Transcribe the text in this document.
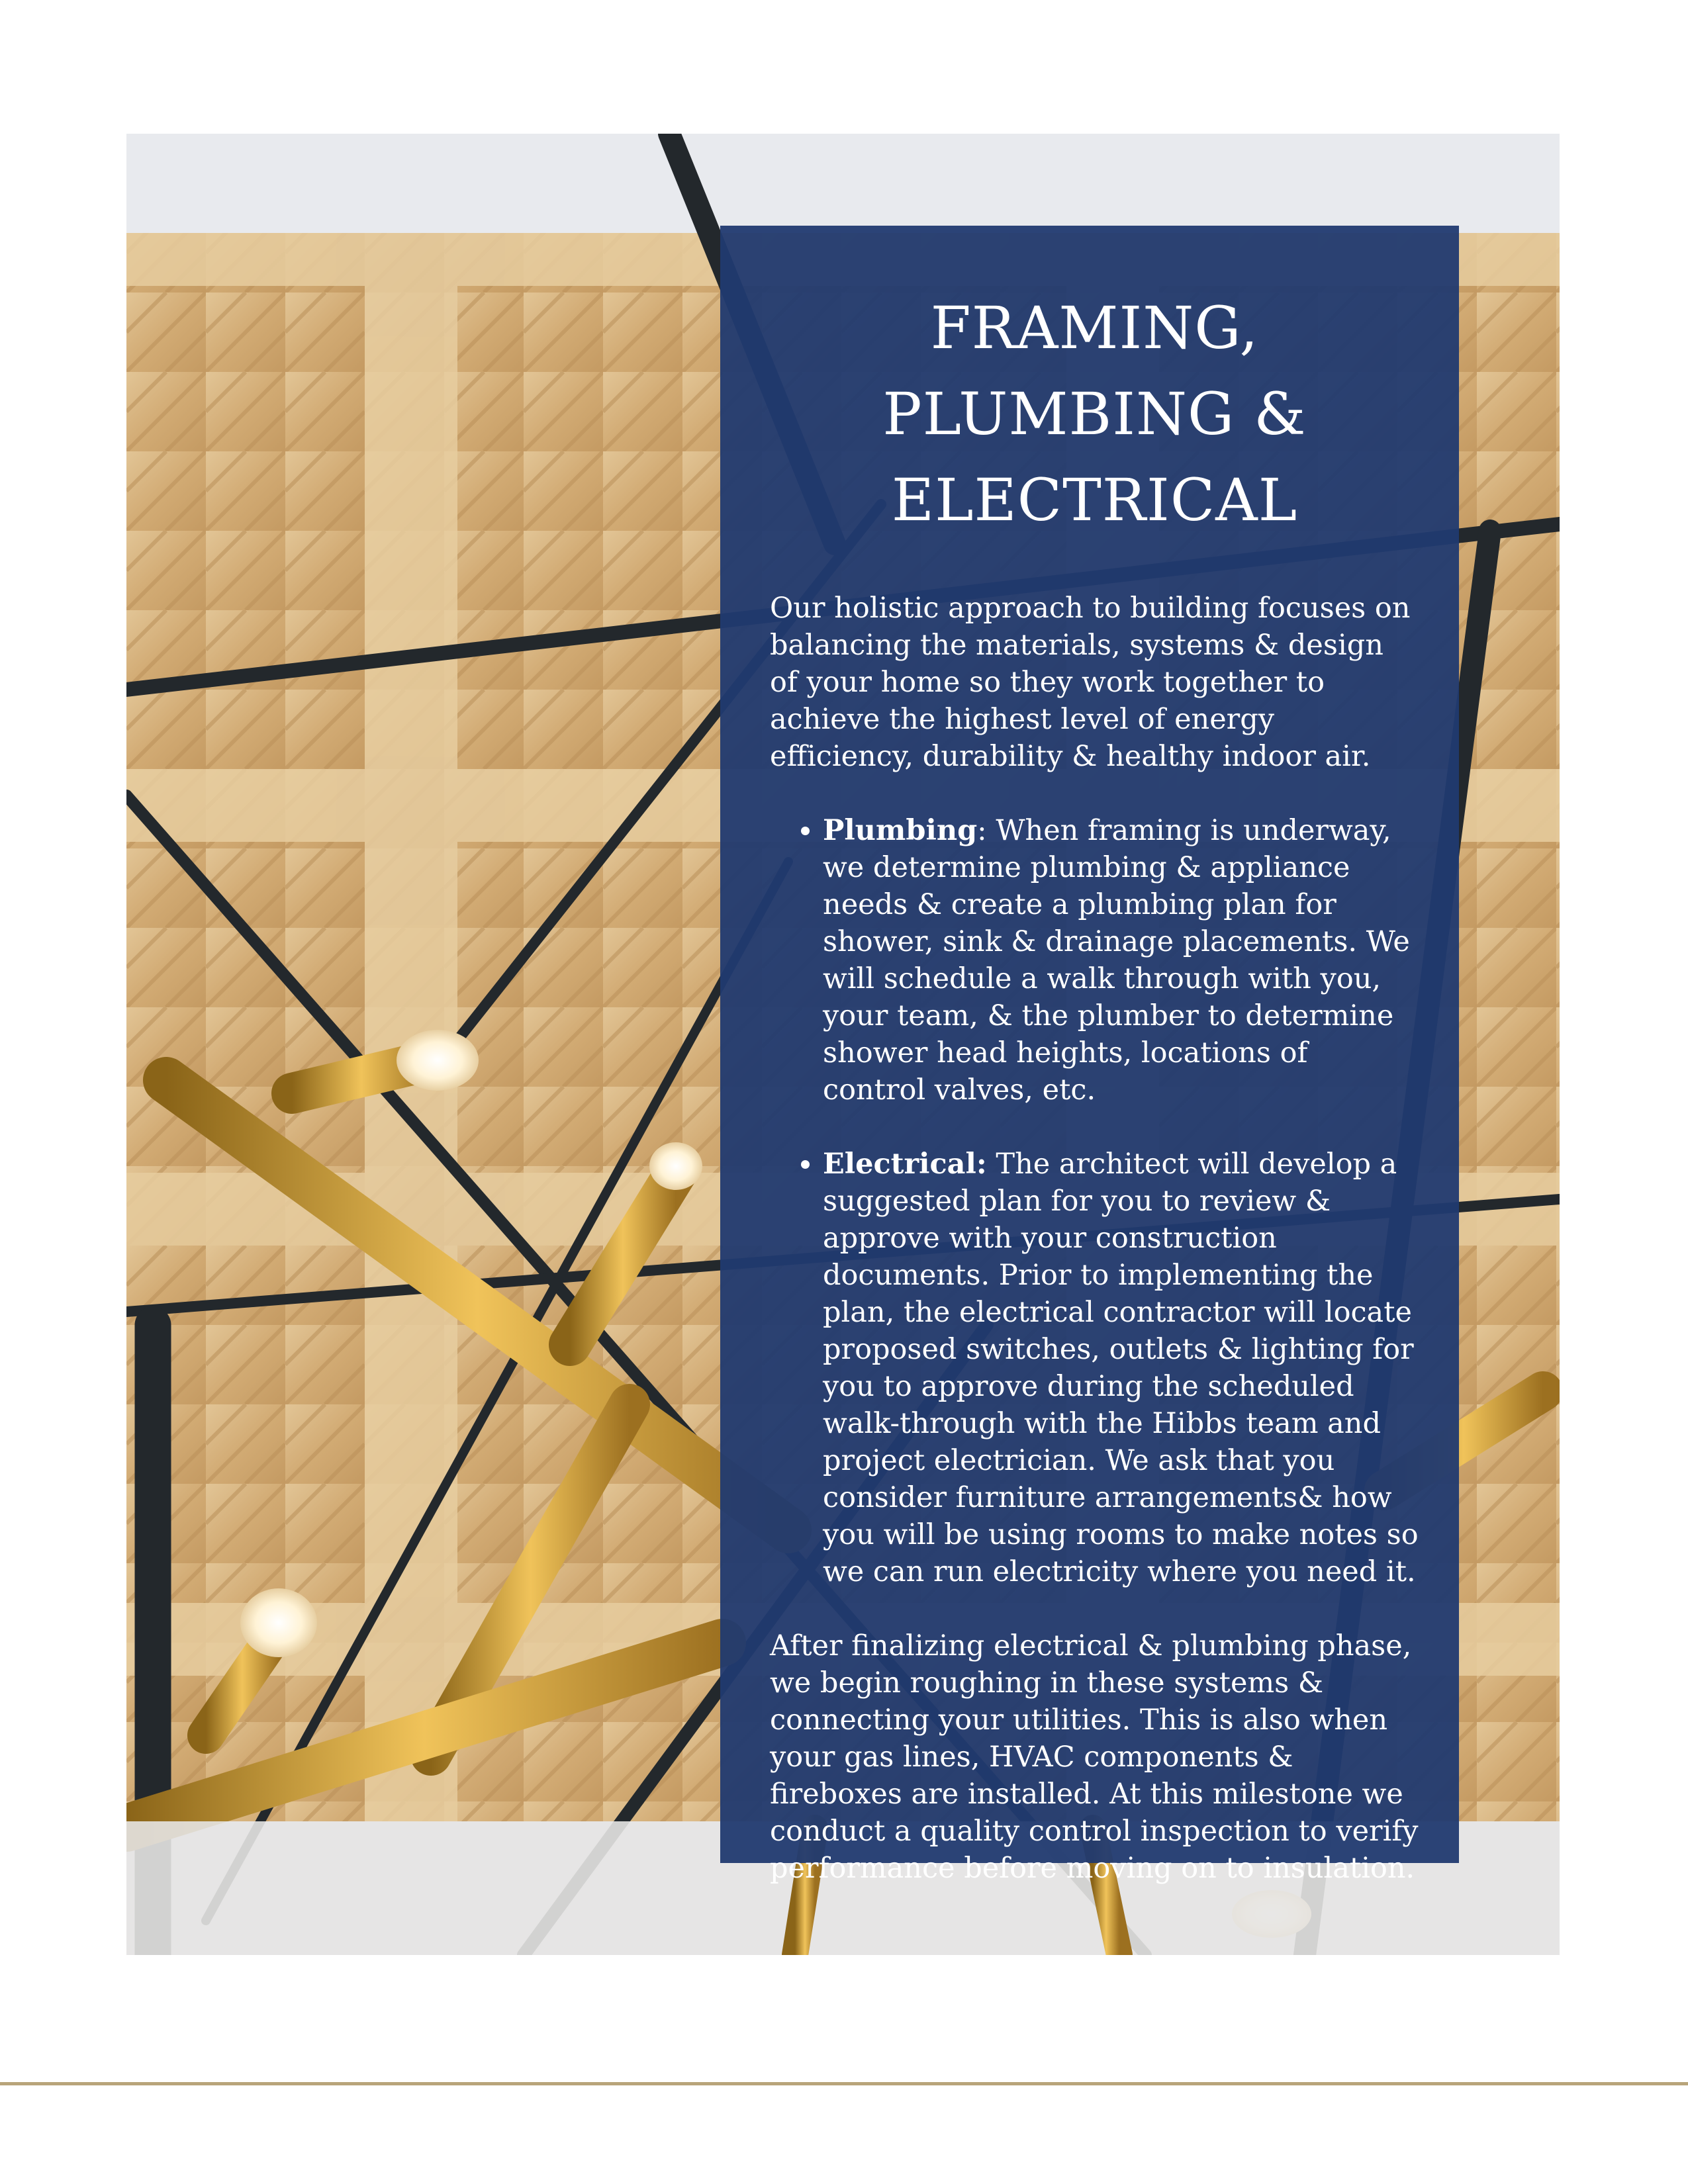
FRAMING, PLUMBING & ELECTRICAL

Our holistic approach to building focuses on balancing the materials, systems & design of your home so they work together to achieve the highest level of energy efficiency, durability & healthy indoor air.

• Plumbing: When framing is underway, we determine plumbing & appliance needs & create a plumbing plan for shower, sink & drainage placements. We will schedule a walk through with you, your team, & the plumber to determine shower head heights, locations of control valves, etc.
• Electrical: The architect will develop a suggested plan for you to review & approve with your construction documents. Prior to implementing the plan, the electrical contractor will locate proposed switches, outlets & lighting for you to approve during the scheduled walk-through with the Hibbs team and project electrician. We ask that you consider furniture arrangements& how you will be using rooms to make notes so we can run electricity where you need it.

After finalizing electrical & plumbing phase, we begin roughing in these systems & connecting your utilities. This is also when your gas lines, HVAC components & fireboxes are installed. At this milestone we conduct a quality control inspection to verify performance before moving on to insulation.
